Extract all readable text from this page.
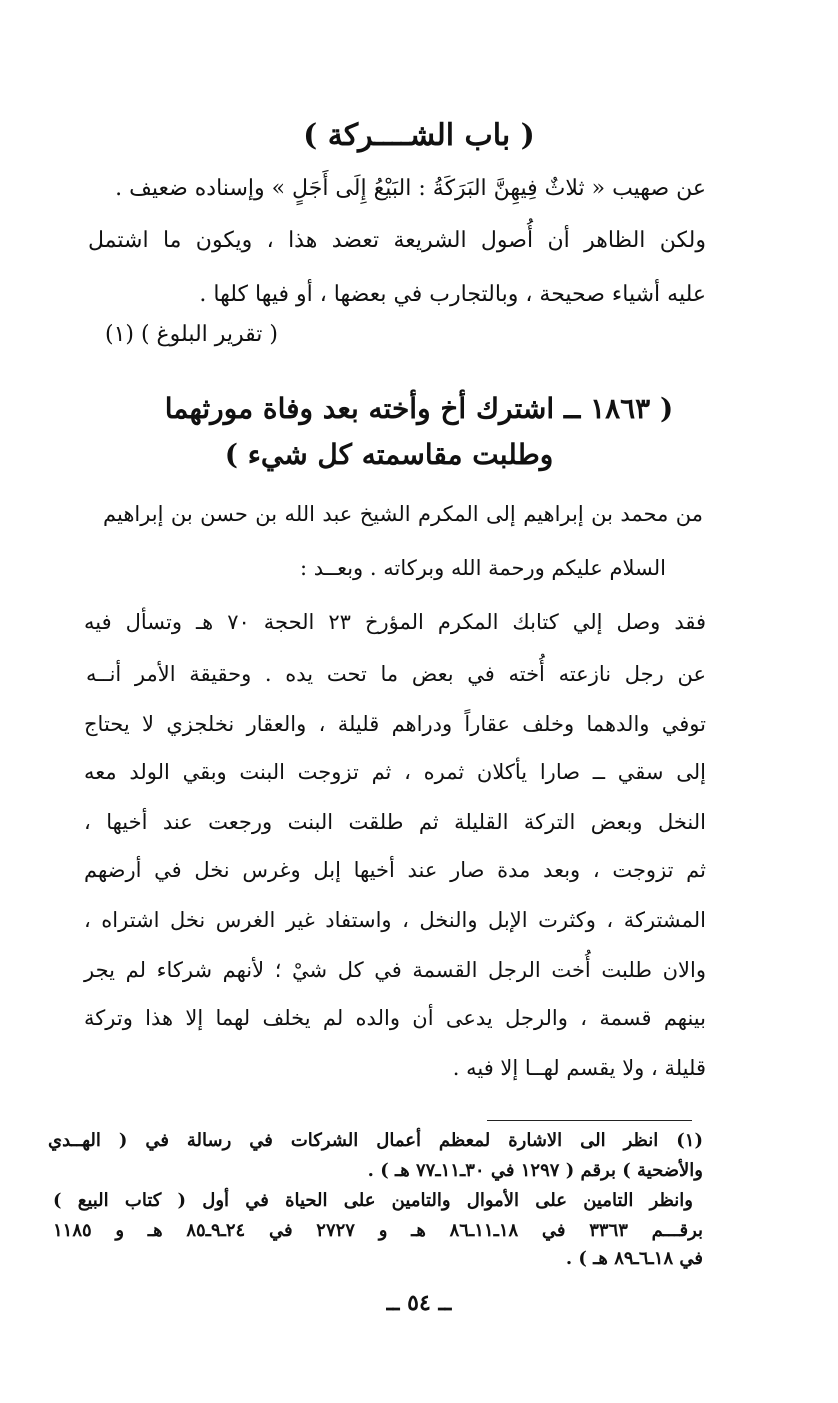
( باب الشــــركة )
عن صهيب « ثلاثٌ فِيهِنَّ البَرَكَةُ : البَيْعُ إِلَى أَجَلٍ » وإسناده ضعيف .
ولكن الظاهر أن أُصول الشريعة تعضد هذا ، ويكون ما اشتمل
عليه أشياء صحيحة ، وبالتجارب في بعضها ، أو فيها كلها .
( تقرير البلوغ ) (١)
( ١٨٦٣ ــ اشترك أخ وأخته بعد وفاة مورثهما
وطلبت مقاسمته كل شيء )
من محمد بن إبراهيم إلى المكرم الشيخ عبد الله بن حسن بن إبراهيم
السلام عليكم ورحمة الله وبركاته . وبعــد :
فقد وصل إلي كتابك المكرم المؤرخ ٢٣ الحجة ٧٠ هـ وتسأل فيه
عن رجل نازعته أُخته في بعض ما تحت يده . وحقيقة الأمر أنــه
توفي والدهما وخلف عقاراً ودراهم قليلة ، والعقار نخلجزي لا يحتاج
إلى سقي ــ صارا يأكلان ثمره ، ثم تزوجت البنت وبقي الولد معه
النخل وبعض التركة القليلة ثم طلقت البنت ورجعت عند أخيها ،
ثم تزوجت ، وبعد مدة صار عند أخيها إبل وغرس نخل في أرضهم
المشتركة ، وكثرت الإبل والنخل ، واستفاد غير الغرس نخل اشتراه ،
والان طلبت أُخت الرجل القسمة في كل شيْ ؛ لأنهم شركاء لم يجر
بينهم قسمة ، والرجل يدعى أن والده لم يخلف لهما إلا هذا وتركة
قليلة ، ولا يقسم لهــا إلا فيه .
(١) انظر الى الاشارة لمعظم أعمال الشركات في رسالة في ( الهــدي
والأضحية ) برقم ( ١٢٩٧ في ٣٠ـ١١ـ٧٧ هـ ) .
وانظر التامين على الأموال والتامين على الحياة في أول ( كتاب البيع )
برقـــم ٣٣٦٣ في ١٨ـ١١ـ٨٦ هـ و ٢٧٢٧ في ٢٤ـ٩ـ٨٥ هـ و ١١٨٥
في ١٨ـ٦ـ٨٩ هـ ) .
ــ ٥٤ ــ
